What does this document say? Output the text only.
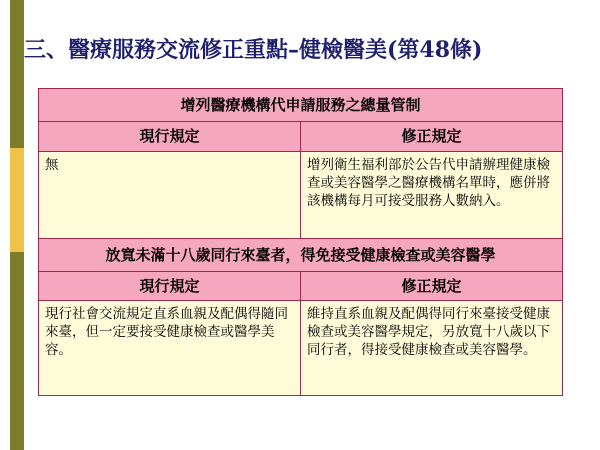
三、醫療服務交流修正重點–健檢醫美(第48條)
增列醫療機構代申請服務之總量管制	
現行規定	修正規定
無	增列衛生福利部於公告代申請辦理健康檢查或美容醫學之醫療機構名單時，應併將該機構每月可接受服務人數納入。
放寬未滿十八歲同行來臺者，得免接受健康檢查或美容醫學	
現行規定	修正規定
現行社會交流規定直系血親及配偶得隨同來臺，但一定要接受健康檢查或醫學美容。	維持直系血親及配偶得同行來臺接受健康檢查或美容醫學規定，另放寬十八歲以下同行者，得接受健康檢查或美容醫學。
